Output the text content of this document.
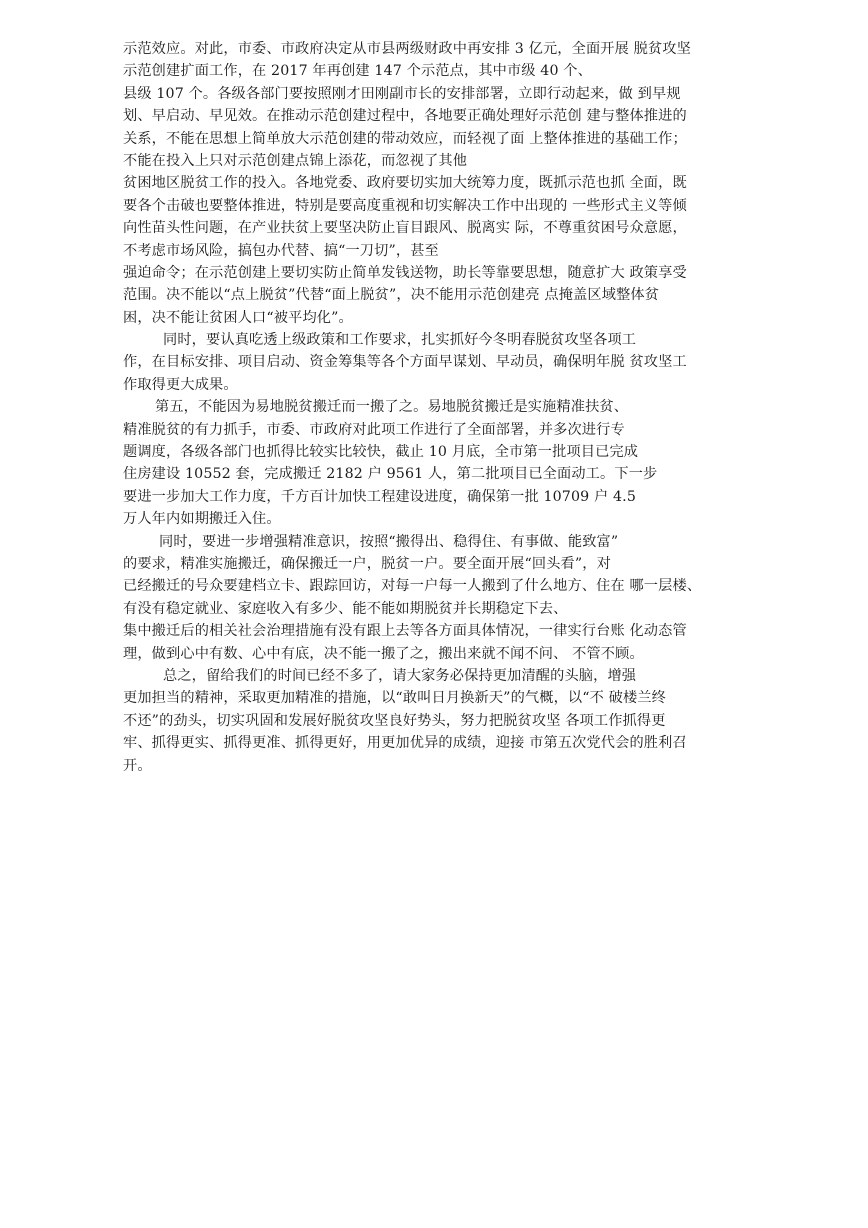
示范效应。对此，市委、市政府决定从市县两级财政中再安排 3 亿元，全面开展 脱贫攻坚
示范创建扩面工作，在 2017 年再创建 147 个示范点，其中市级 40 个、
县级 107 个。各级各部门要按照刚才田刚副市长的安排部署，立即行动起来，做 到早规
划、早启动、早见效。在推动示范创建过程中，各地要正确处理好示范创 建与整体推进的
关系，不能在思想上简单放大示范创建的带动效应，而轻视了面 上整体推进的基础工作；
不能在投入上只对示范创建点锦上添花，而忽视了其他
贫困地区脱贫工作的投入。各地党委、政府要切实加大统筹力度，既抓示范也抓 全面，既
要各个击破也要整体推进，特别是要高度重视和切实解决工作中出现的 一些形式主义等倾
向性苗头性问题，在产业扶贫上要坚决防止盲目跟风、脱离实 际，不尊重贫困号众意愿，
不考虑市场风险，搞包办代替、搞“一刀切”，甚至
强迫命令；在示范创建上要切实防止简单发钱送物，助长等靠要思想，随意扩大 政策享受
范围。决不能以“点上脱贫”代替“面上脱贫”，决不能用示范创建亮 点掩盖区域整体贫
困，决不能让贫困人口“被平均化”。
同时，要认真吃透上级政策和工作要求，扎实抓好今冬明春脱贫攻坚各项工
作，在目标安排、项目启动、资金筹集等各个方面早谋划、早动员，确保明年脱 贫攻坚工
作取得更大成果。
第五，不能因为易地脱贫搬迁而一搬了之。易地脱贫搬迁是实施精准扶贫、
精准脱贫的有力抓手，市委、市政府对此项工作进行了全面部署，并多次进行专
题调度，各级各部门也抓得比较实比较快，截止 10 月底，全市第一批项目已完成
住房建设 10552 套，完成搬迁 2182 户 9561 人，第二批项目已全面动工。下一步
要进一步加大工作力度，千方百计加快工程建设进度，确保第一批 10709 户 4.5
万人年内如期搬迁入住。
同时，要进一步增强精准意识，按照“搬得出、稳得住、有事做、能致富”
的要求，精准实施搬迁，确保搬迁一户，脱贫一户。要全面开展“回头看”，对
已经搬迁的号众要建档立卡、跟踪回访，对每一户每一人搬到了什么地方、住在 哪一层楼、
有没有稳定就业、家庭收入有多少、能不能如期脱贫并长期稳定下去、
集中搬迁后的相关社会治理措施有没有跟上去等各方面具体情况，一律实行台账 化动态管
理，做到心中有数、心中有底，决不能一搬了之，搬出来就不闻不问、 不管不顾。
总之，留给我们的时间已经不多了，请大家务必保持更加清醒的头脑，增强
更加担当的精神，采取更加精准的措施，以“敢叫日月换新天”的气概，以“不 破楼兰终
不还”的劲头，切实巩固和发展好脱贫攻坚良好势头，努力把脱贫攻坚 各项工作抓得更
牢、抓得更实、抓得更准、抓得更好，用更加优异的成绩，迎接 市第五次党代会的胜利召
开。
